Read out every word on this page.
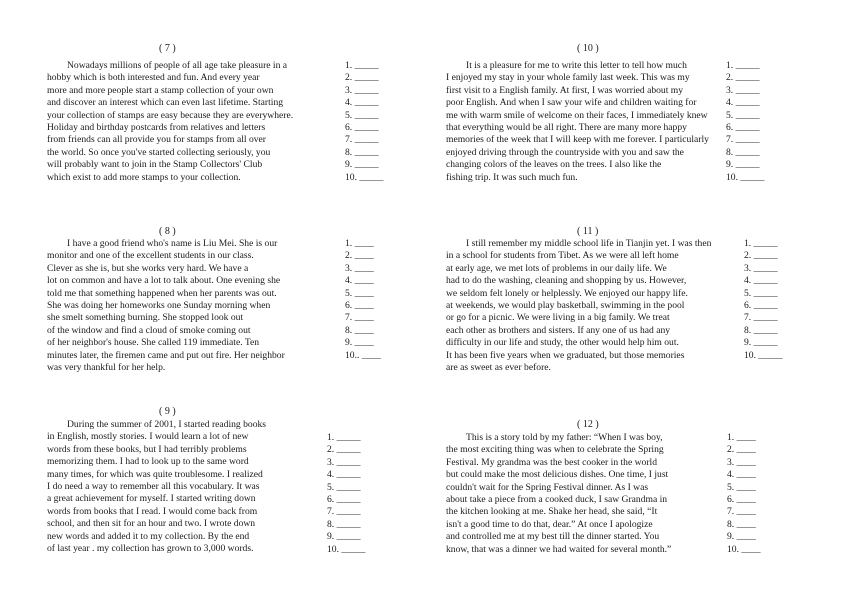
( 7 )
Nowadays millions of people of all age take pleasure in a
hobby which is both interested and fun. And every year
more and more people start a stamp collection of your own
and discover an interest which can even last lifetime. Starting
your collection of stamps are easy because they are everywhere.
Holiday and birthday postcards from relatives and letters
from friends can all provide you for stamps from all over
the world. So once you've started collecting seriously, you
will probably want to join in the Stamp Collectors' Club
which exist to add more stamps to your collection.
1. _____
2. _____
3. _____
4. _____
5. _____
6. _____
7. _____
8. _____
9. _____
10. _____
( 10 )
It is a pleasure for me to write this letter to tell how much
I enjoyed my stay in your whole family last week. This was my
first visit to a English family. At first, I was worried about my
poor English. And when I saw your wife and children waiting for
me with warm smile of welcome on their faces, I immediately knew
that everything would be all right. There are many more happy
memories of the week that I will keep with me forever. I particularly
enjoyed driving through the countryside with you and saw the
changing colors of the leaves on the trees. I also like the
fishing trip. It was such much fun.
1. _____
2. _____
3. _____
4. _____
5. _____
6. _____
7. _____
8. _____
9. _____
10. _____
( 8 )
I have a good friend who's name is Liu Mei. She is our
monitor and one of the excellent students in our class.
Clever as she is, but she works very hard. We have a
lot on common and have a lot to talk about. One evening she
told me that something happened when her parents was out.
She was doing her homeworks one Sunday morning when
she smelt something burning. She stopped look out
of the window and find a cloud of smoke coming out
of her neighbor's house. She called 119 immediate. Ten
minutes later, the firemen came and put out fire. Her neighbor
was very thankful for her help.
1. ____
2. ____
3. ____
4. ____
5. ____
6. ____
7. ____
8. ____
9. ____
10.. ____
( 11 )
I still remember my middle school life in Tianjin yet. I was then
in a school for students from Tibet. As we were all left home
at early age, we met lots of problems in our daily life. We
had to do the washing, cleaning and shopping by us. However,
we seldom felt lonely or helplessly. We enjoyed our happy life.
at weekends, we would play basketball, swimming in the pool
or go for a picnic. We were living in a big family. We treat
each other as brothers and sisters. If any one of us had any
difficulty in our life and study, the other would help him out.
It has been five years when we graduated, but those memories
are as sweet as ever before.
1. _____
2. _____
3. _____
4. _____
5. _____
6. _____
7. _____
8. _____
9. _____
10. _____
( 9 )
During the summer of 2001, I started reading books
in English, mostly stories. I would learn a lot of new
words from these books, but I had terribly problems
memorizing them. I had to look up to the same word
many times, for which was quite troublesome. I realized
I do need a way to remember all this vocabulary. It was
a great achievement for myself. I started writing down
words from books that I read. I would come back from
school, and then sit for an hour and two. I wrote down
new words and added it to my collection. By the end
of last year . my collection has grown to 3,000 words.
1. _____
2. _____
3. _____
4. _____
5. _____
6. _____
7. _____
8. _____
9. _____
10. _____
( 12 )
This is a story told by my father: “When I was boy,
the most exciting thing was when to celebrate the Spring
Festival. My grandma was the best cooker in the world
but could make the most delicious dishes. One time, I just
couldn't wait for the Spring Festival dinner. As I was
about take a piece from a cooked duck, I saw Grandma in
the kitchen looking at me. Shake her head, she said, “It
isn't a good time to do that, dear.” At once I apologize
and controlled me at my best till the dinner started. You
know, that was a dinner we had waited for several month.”
1. ____
2. ____
3. ____
4. ____
5. ____
6. ____
7. ____
8. ____
9. ____
10. ____
